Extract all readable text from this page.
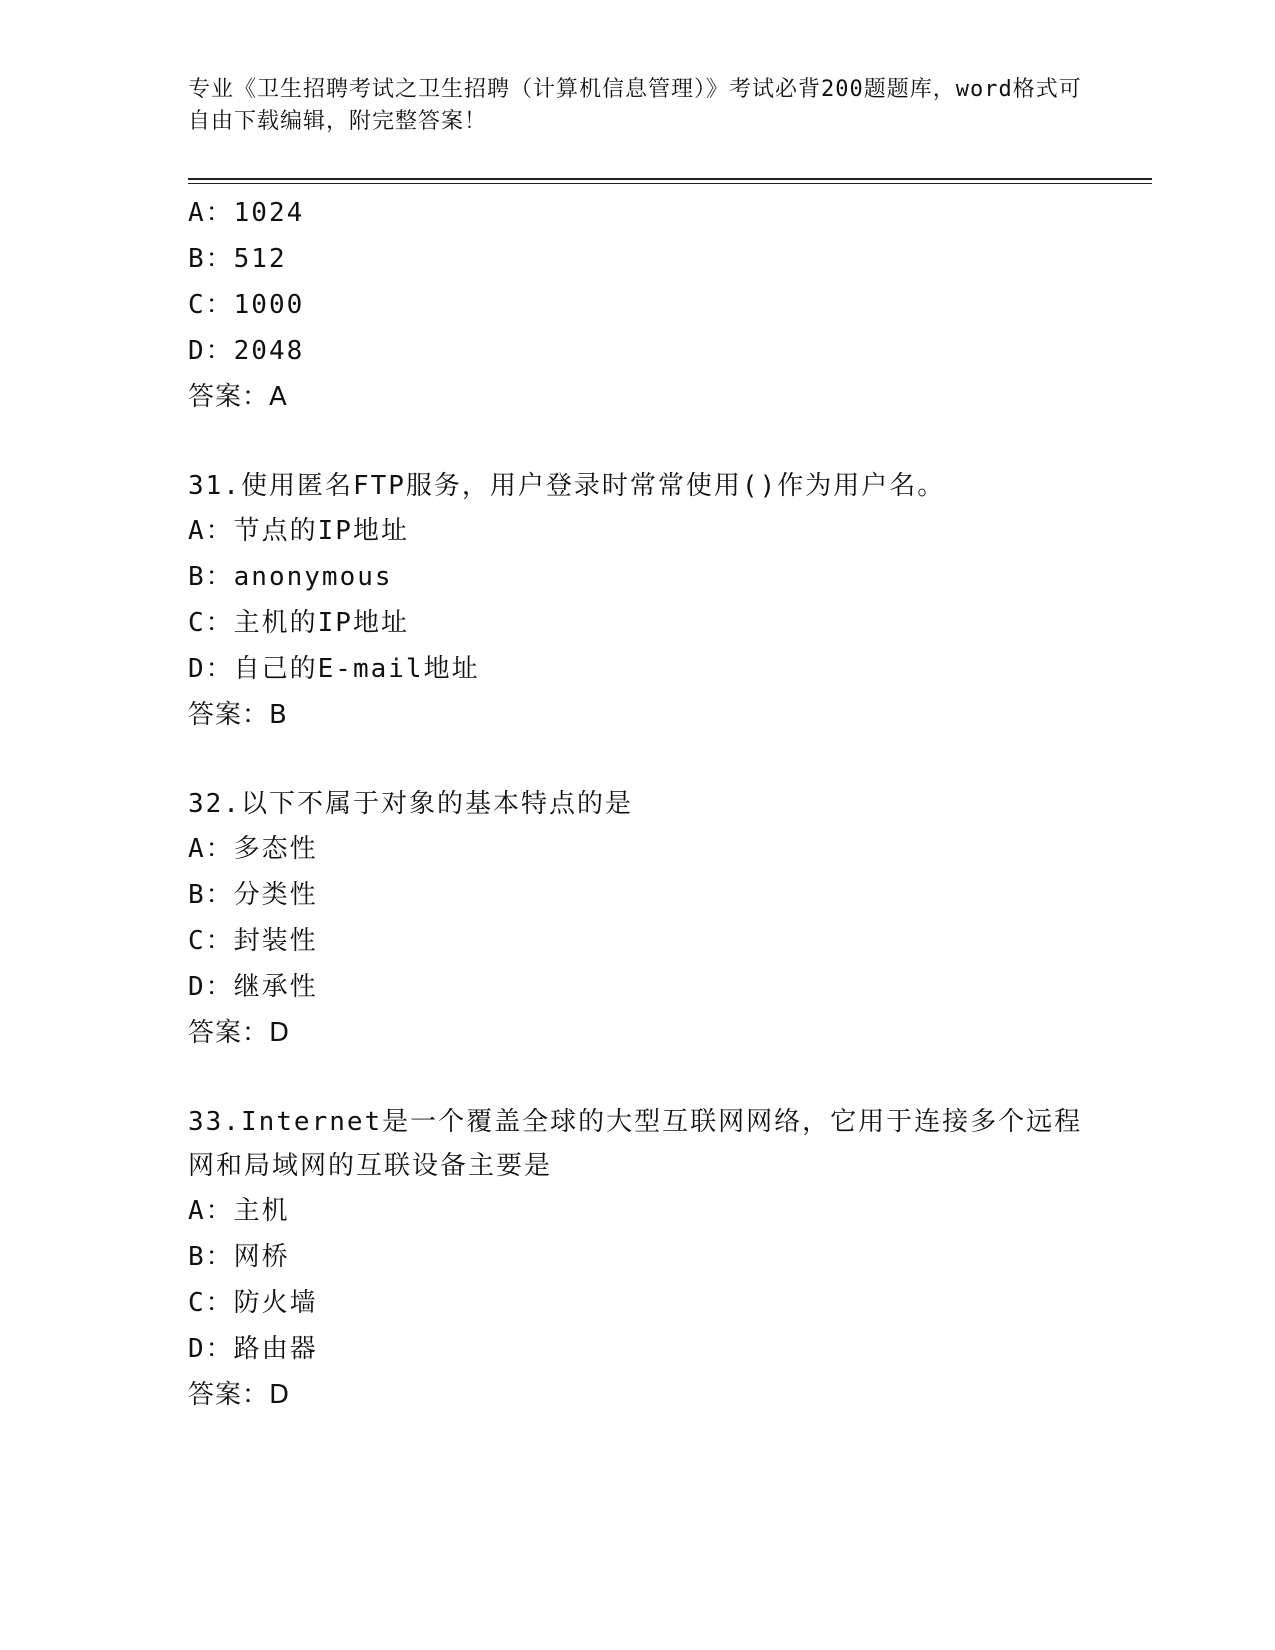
专业《卫生招聘考试之卫生招聘（计算机信息管理）》考试必背200题题库，word格式可自由下载编辑，附完整答案！
A：1024
B：512
C：1000
D：2048
答案：A
31.使用匿名FTP服务，用户登录时常常使用()作为用户名。
A：节点的IP地址
B：anonymous
C：主机的IP地址
D：自己的E-mail地址
答案：B
32.以下不属于对象的基本特点的是
A：多态性
B：分类性
C：封装性
D：继承性
答案：D
33.Internet是一个覆盖全球的大型互联网网络，它用于连接多个远程网和局域网的互联设备主要是
A：主机
B：网桥
C：防火墙
D：路由器
答案：D
